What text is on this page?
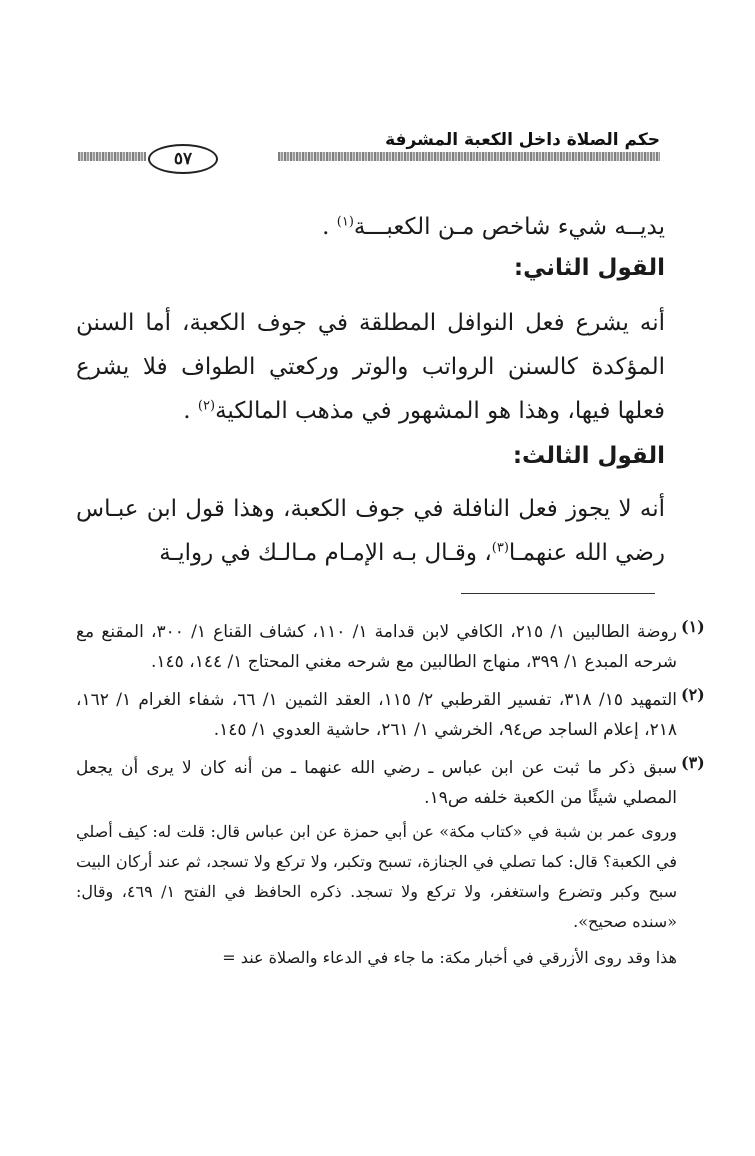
حكم الصلاة داخل الكعبة المشرفة
٥٧

يديــه شيء شاخص مـن الكعبـــة$^{(١)}$ .

القول الثاني:

أنه يشرع فعل النوافل المطلقة في جوف الكعبة، أما السنن المؤكدة كالسنن الرواتب والوتر وركعتي الطواف فلا يشرع فعلها فيها، وهذا هو المشهور في مذهب المالكية$^{(٢)}$ .

القول الثالث:

أنه لا يجوز فعل النافلة في جوف الكعبة، وهذا قول ابن عبـاس رضي الله عنهمـا$^{(٣)}$، وقـال بـه الإمـام مـالـك في روايـة

(١)

روضة الطالبين ١/ ٢١٥، الكافي لابن قدامة ١/ ١١٠، كشاف القناع ١/ ٣٠٠، المقنع مع شرحه المبدع ١/ ٣٩٩، منهاج الطالبين مع شرحه مغني المحتاج ١/ ١٤٤، ١٤٥.

(٢)

التمهيد ١٥/ ٣١٨، تفسير القرطبي ٢/ ١١٥، العقد الثمين ١/ ٦٦، شفاء الغرام ١/ ١٦٢، ٢١٨، إعلام الساجد ص٩٤، الخرشي ١/ ٢٦١، حاشية العدوي ١/ ١٤٥.

(٣)

سبق ذكر ما ثبت عن ابن عباس ـ رضي الله عنهما ـ من أنه كان لا يرى أن يجعل المصلي شيئًا من الكعبة خلفه ص١٩.

وروى عمر بن شبة في «كتاب مكة» عن أبي حمزة عن ابن عباس قال: قلت له: كيف أصلي في الكعبة؟ قال: كما تصلي في الجنازة، تسبح وتكبر، ولا تركع ولا تسجد، ثم عند أركان البيت سبح وكبر وتضرع واستغفر، ولا تركع ولا تسجد. ذكره الحافظ في الفتح ١/ ٤٦٩، وقال: «سنده صحيح».

هذا وقد روى الأزرقي في أخبار مكة: ما جاء في الدعاء والصلاة عند =
